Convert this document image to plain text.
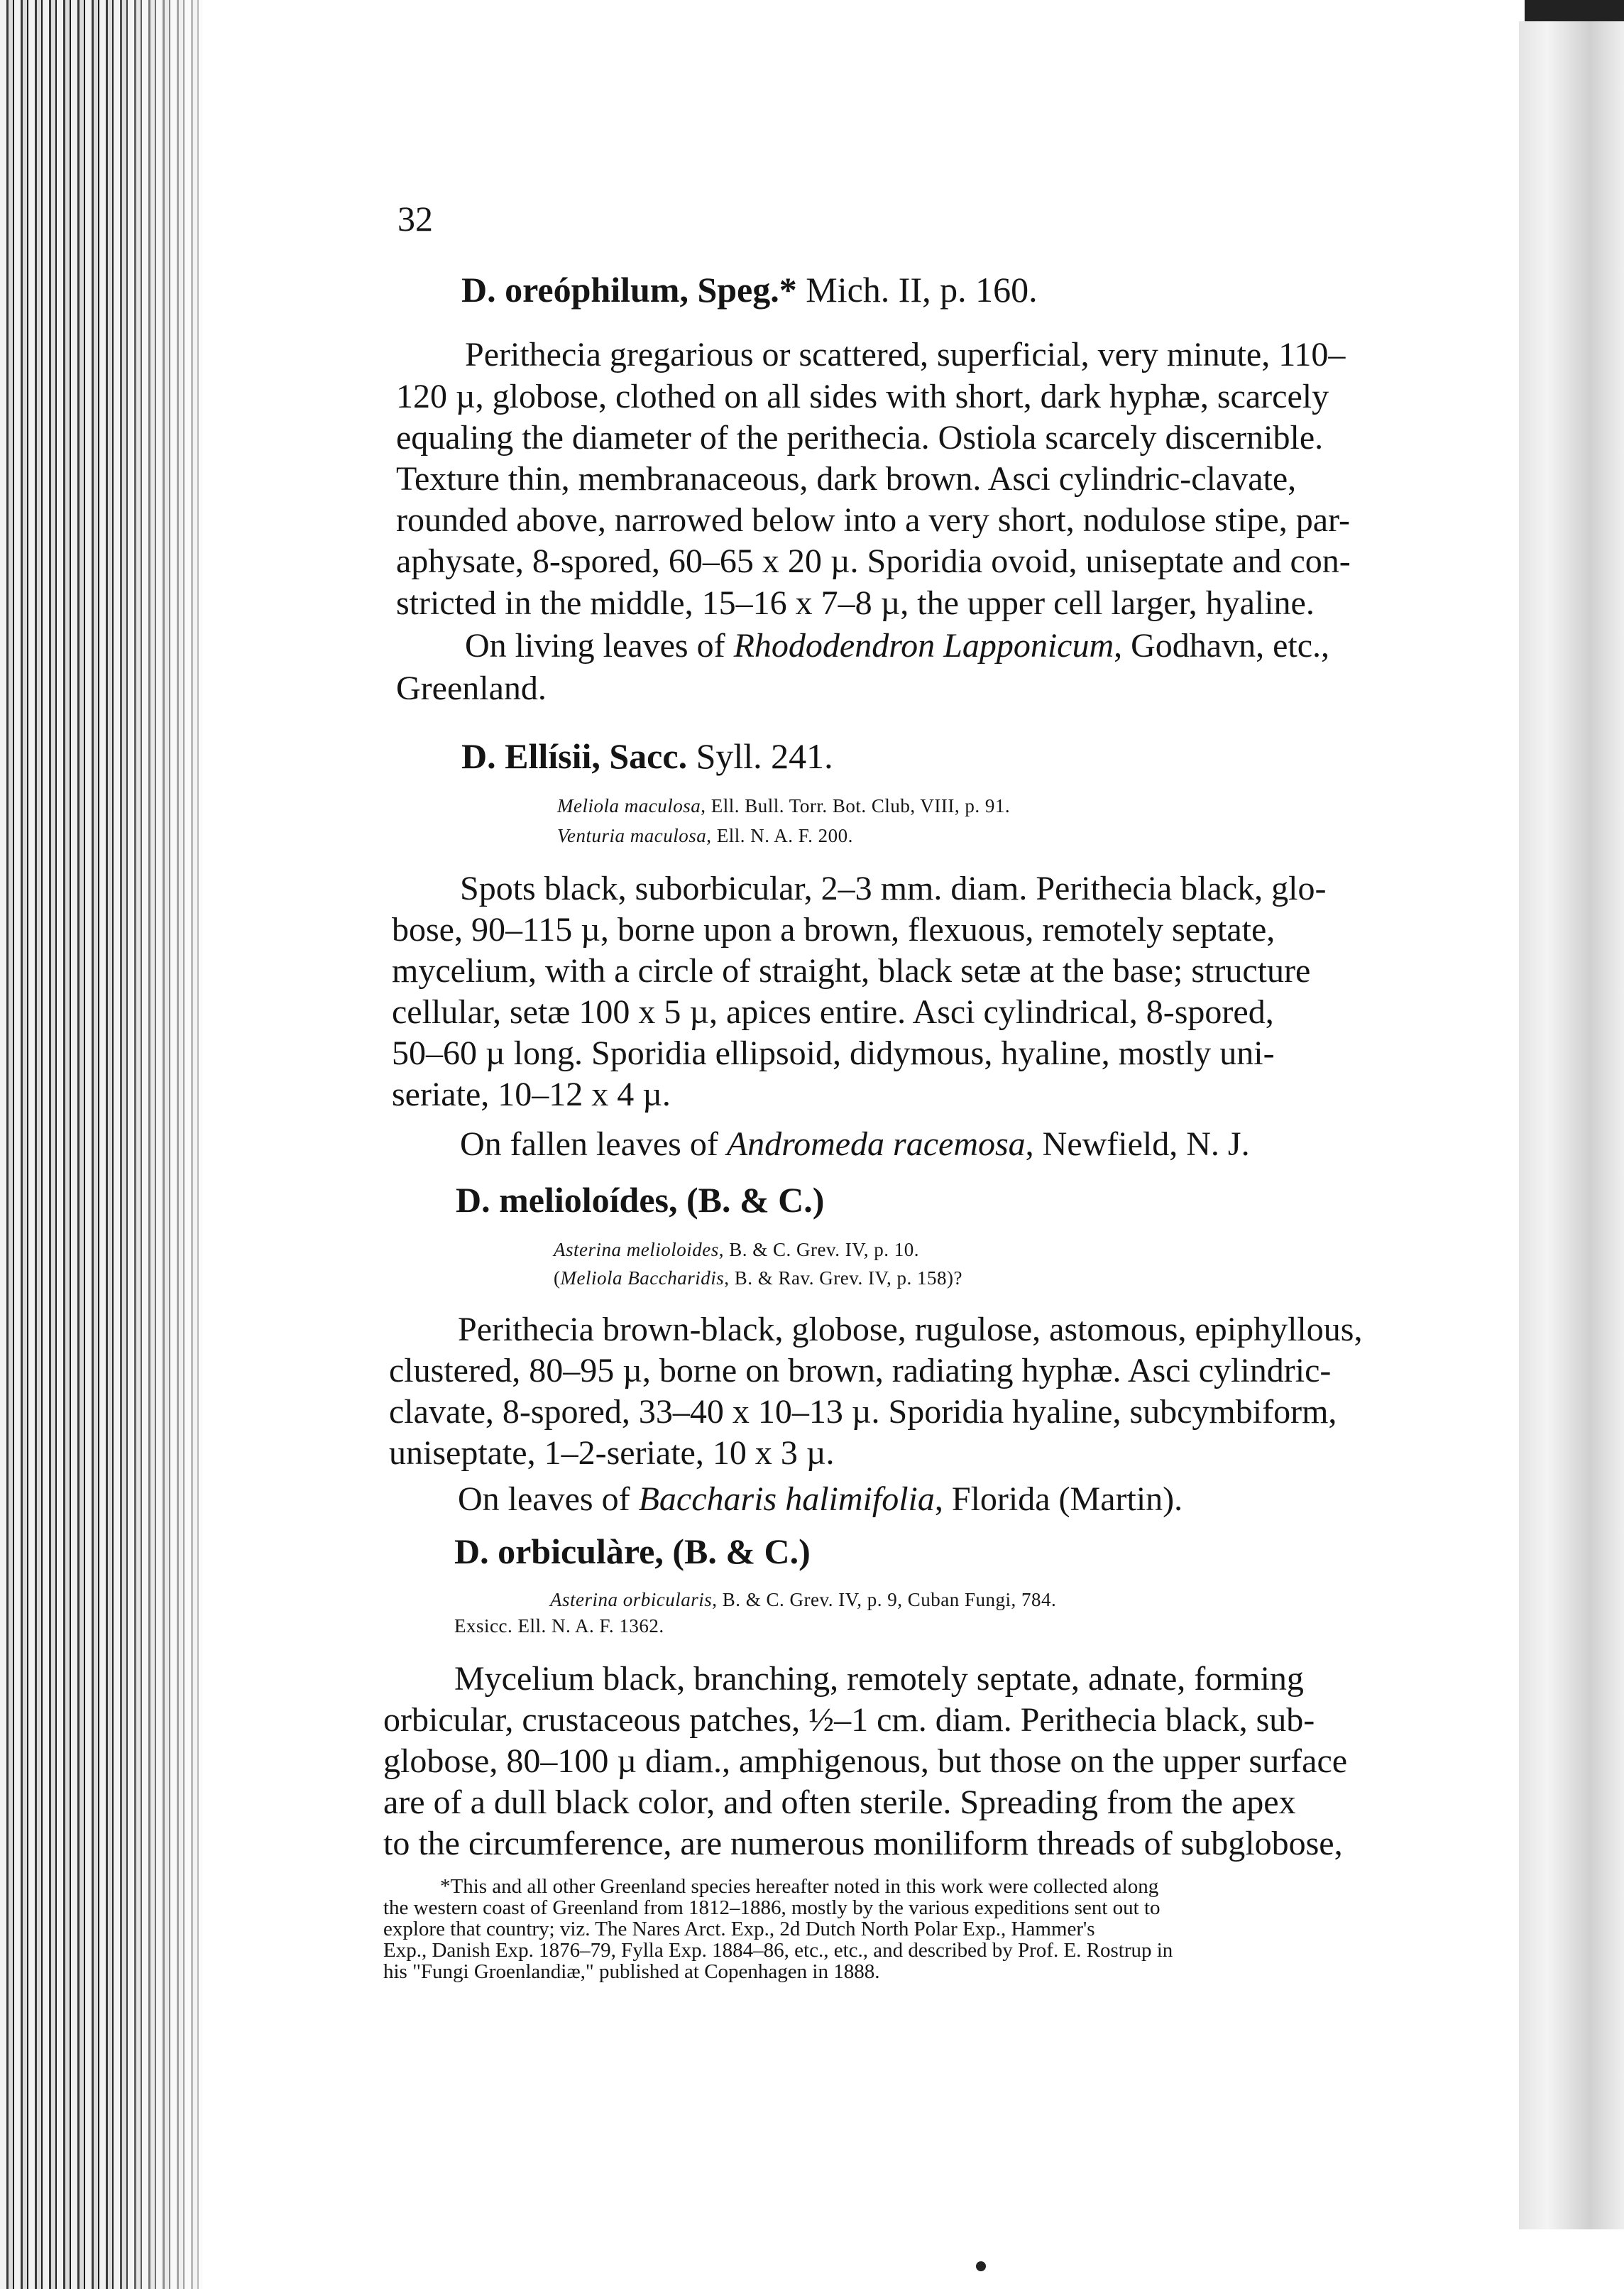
32
D. oreóphilum, Speg.* Mich. II, p. 160.
Perithecia gregarious or scattered, superficial, very minute, 110–
120 µ, globose, clothed on all sides with short, dark hyphæ, scarcely
equaling the diameter of the perithecia. Ostiola scarcely discernible.
Texture thin, membranaceous, dark brown. Asci cylindric-clavate,
rounded above, narrowed below into a very short, nodulose stipe, par-
aphysate, 8-spored, 60–65 x 20 µ. Sporidia ovoid, uniseptate and con-
stricted in the middle, 15–16 x 7–8 µ, the upper cell larger, hyaline.
On living leaves of Rhododendron Lapponicum, Godhavn, etc.,
Greenland.
D. Ellísii, Sacc. Syll. 241.
Meliola maculosa, Ell. Bull. Torr. Bot. Club, VIII, p. 91.
Venturia maculosa, Ell. N. A. F. 200.
Spots black, suborbicular, 2–3 mm. diam. Perithecia black, glo-
bose, 90–115 µ, borne upon a brown, flexuous, remotely septate,
mycelium, with a circle of straight, black setæ at the base; structure
cellular, setæ 100 x 5 µ, apices entire. Asci cylindrical, 8-spored,
50–60 µ long. Sporidia ellipsoid, didymous, hyaline, mostly uni-
seriate, 10–12 x 4 µ.
On fallen leaves of Andromeda racemosa, Newfield, N. J.
D. melioloídes, (B. & C.)
Asterina melioloides, B. & C. Grev. IV, p. 10.
(Meliola Baccharidis, B. & Rav. Grev. IV, p. 158)?
Perithecia brown-black, globose, rugulose, astomous, epiphyllous,
clustered, 80–95 µ, borne on brown, radiating hyphæ. Asci cylindric-
clavate, 8-spored, 33–40 x 10–13 µ. Sporidia hyaline, subcymbiform,
uniseptate, 1–2-seriate, 10 x 3 µ.
On leaves of Baccharis halimifolia, Florida (Martin).
D. orbiculàre, (B. & C.)
Asterina orbicularis, B. & C. Grev. IV, p. 9, Cuban Fungi, 784.
Exsicc. Ell. N. A. F. 1362.
Mycelium black, branching, remotely septate, adnate, forming
orbicular, crustaceous patches, ½–1 cm. diam. Perithecia black, sub-
globose, 80–100 µ diam., amphigenous, but those on the upper surface
are of a dull black color, and often sterile. Spreading from the apex
to the circumference, are numerous moniliform threads of subglobose,
*This and all other Greenland species hereafter noted in this work were collected along
the western coast of Greenland from 1812–1886, mostly by the various expeditions sent out to
explore that country; viz. The Nares Arct. Exp., 2d Dutch North Polar Exp., Hammer's
Exp., Danish Exp. 1876–79, Fylla Exp. 1884–86, etc., etc., and described by Prof. E. Rostrup in
his "Fungi Groenlandiæ," published at Copenhagen in 1888.
